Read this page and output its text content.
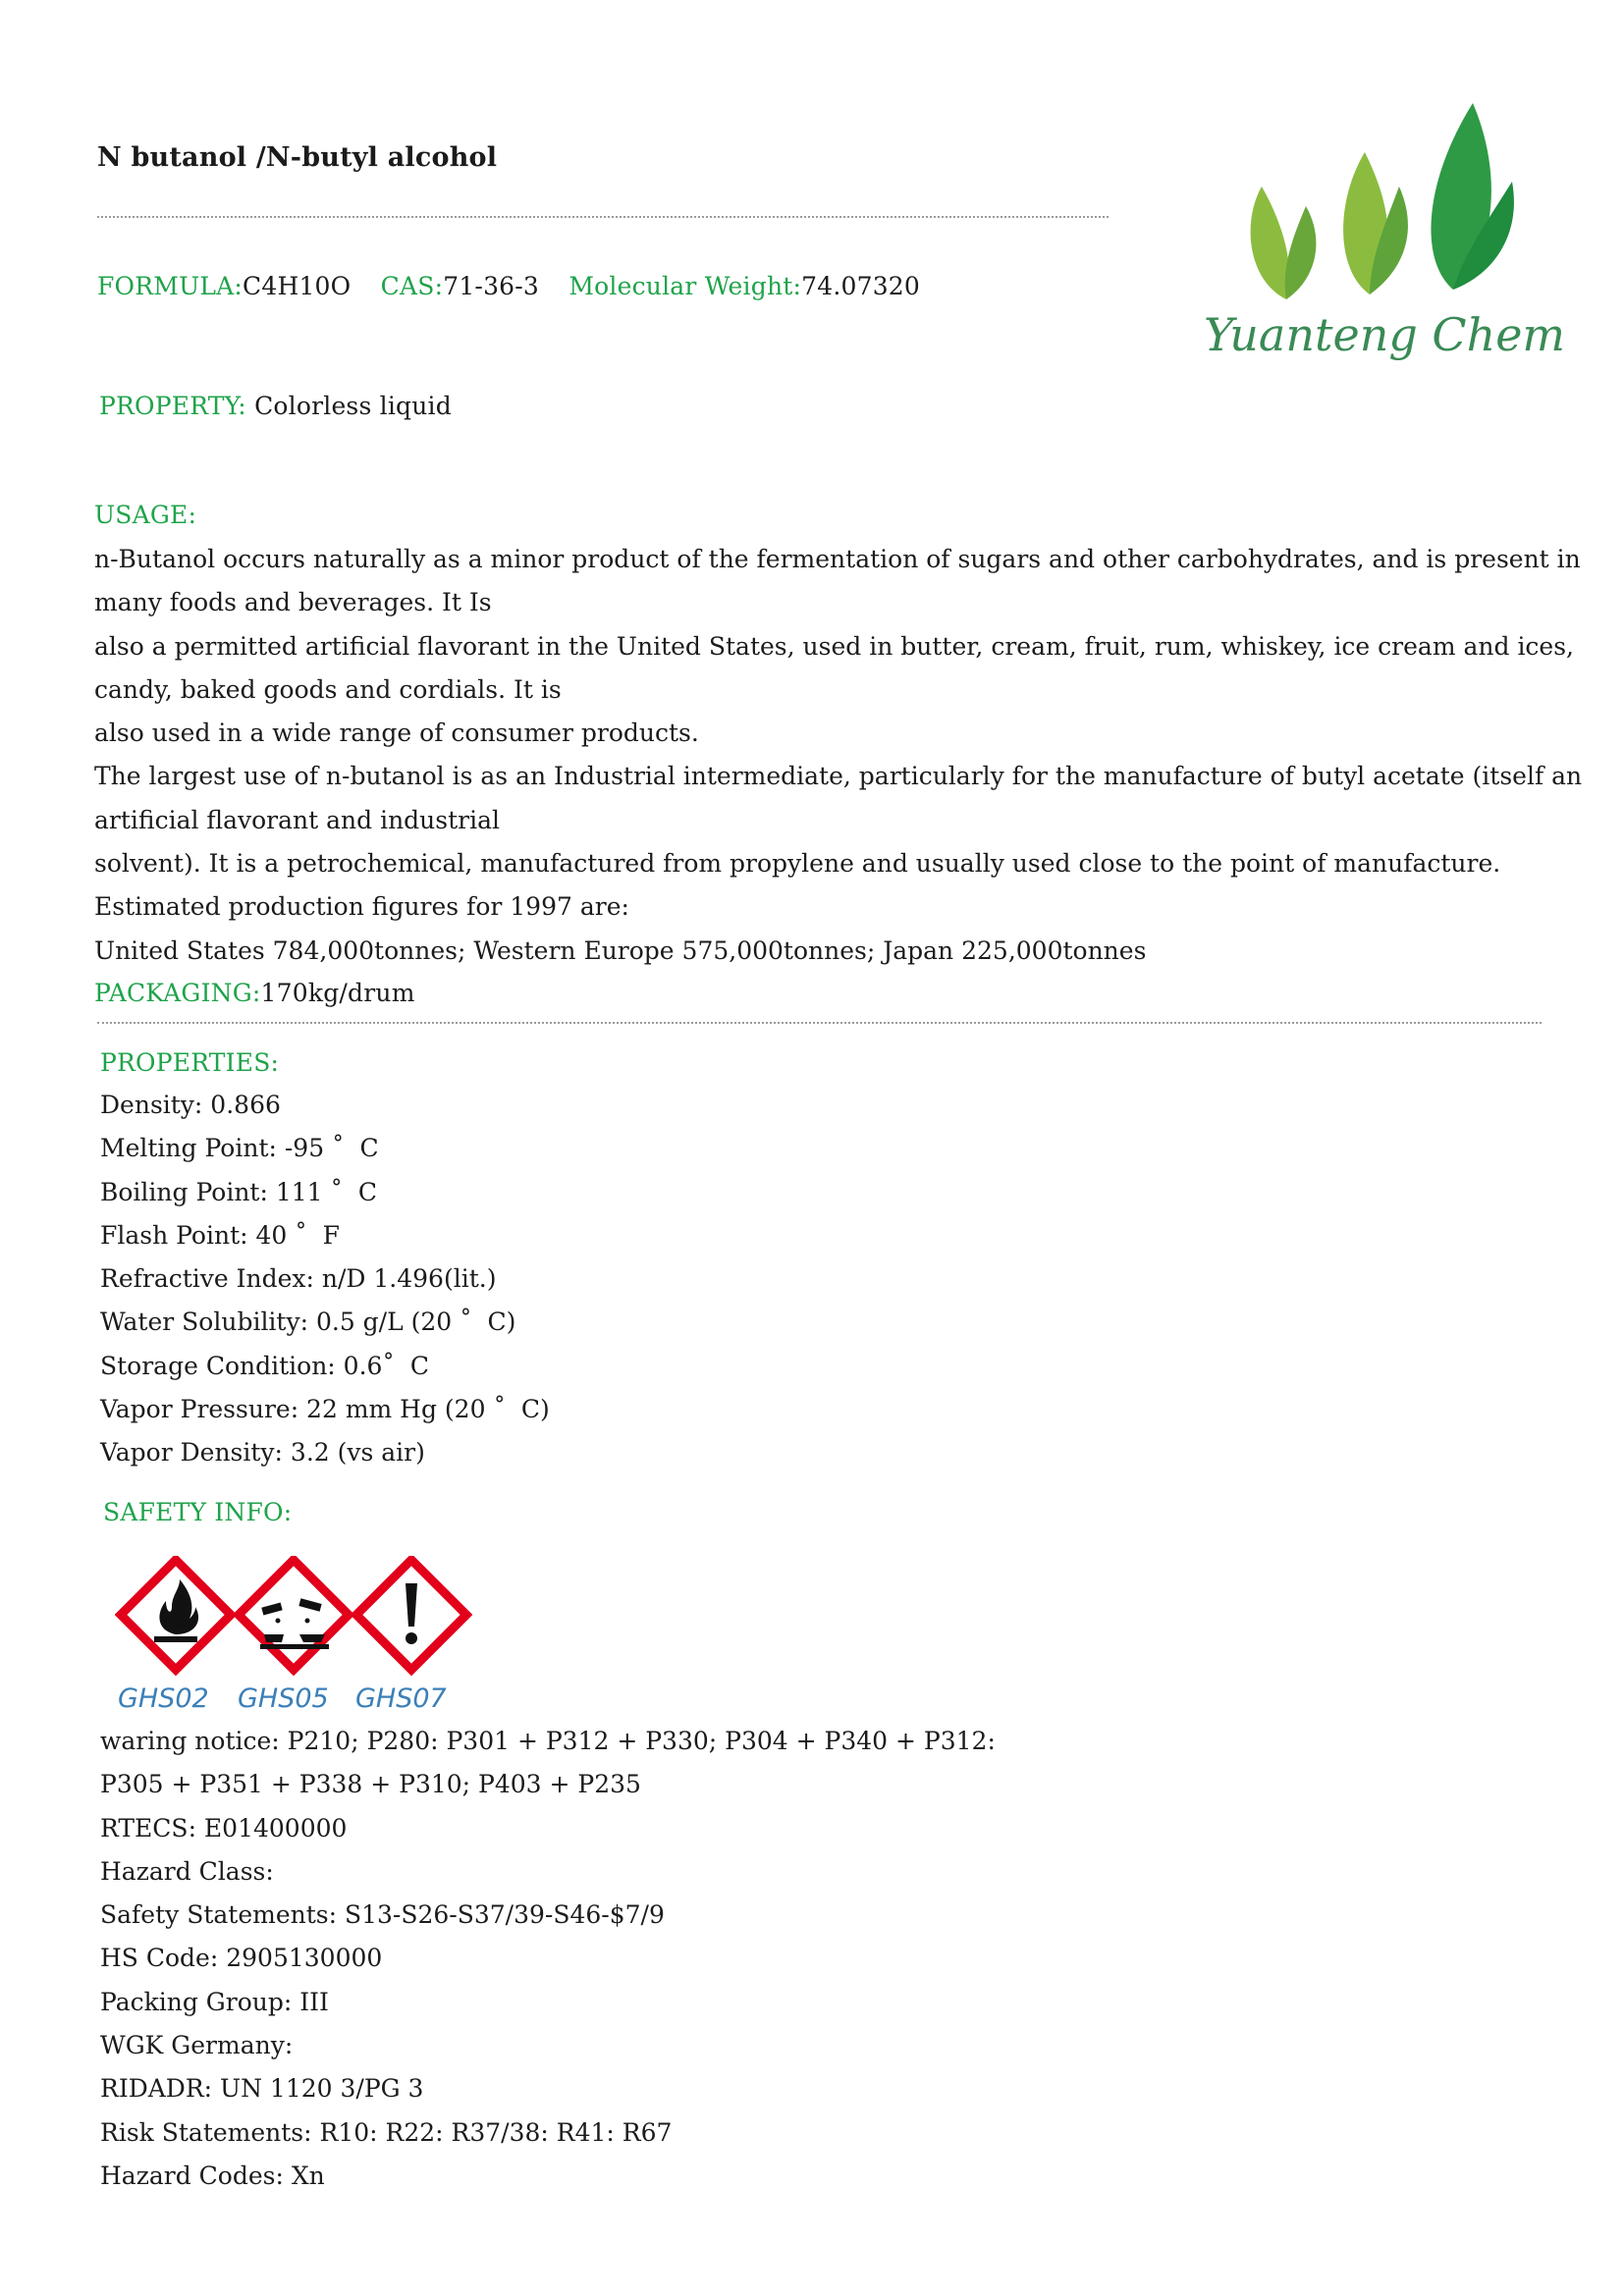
N butanol /N-butyl alcohol
FORMULA:C4H10O CAS:71-36-3 Molecular Weight:74.07320
PROPERTY: Colorless liquid
Yuanteng Chem
USAGE:
n-Butanol occurs naturally as a minor product of the fermentation of sugars and other carbohydrates, and is present in
many foods and beverages. It Is
also a permitted artificial flavorant in the United States, used in butter, cream, fruit, rum, whiskey, ice cream and ices,
candy, baked goods and cordials. It is
also used in a wide range of consumer products.
The largest use of n-butanol is as an Industrial intermediate, particularly for the manufacture of butyl acetate (itself an
artificial flavorant and industrial
solvent). It is a petrochemical, manufactured from propylene and usually used close to the point of manufacture.
Estimated production figures for 1997 are:
United States 784,000tonnes; Western Europe 575,000tonnes; Japan 225,000tonnes
PACKAGING:170kg/drum
PROPERTIES:
Density: 0.866
Melting Point: -95 ˚  C
Boiling Point: 111 ˚  C
Flash Point: 40 ˚  F
Refractive Index: n/D 1.496(lit.)
Water Solubility: 0.5 g/L (20 ˚  C)
Storage Condition: 0.6˚  C
Vapor Pressure: 22 mm Hg (20 ˚  C)
Vapor Density: 3.2 (vs air)
SAFETY INFO:
GHS02 GHS05 GHS07
waring notice: P210; P280: P301 + P312 + P330; P304 + P340 + P312:
P305 + P351 + P338 + P310; P403 + P235
RTECS: E01400000
Hazard Class:
Safety Statements: S13-S26-S37/39-S46-$7/9
HS Code: 2905130000
Packing Group: III
WGK Germany:
RIDADR: UN 1120 3/PG 3
Risk Statements: R10: R22: R37/38: R41: R67
Hazard Codes: Xn
